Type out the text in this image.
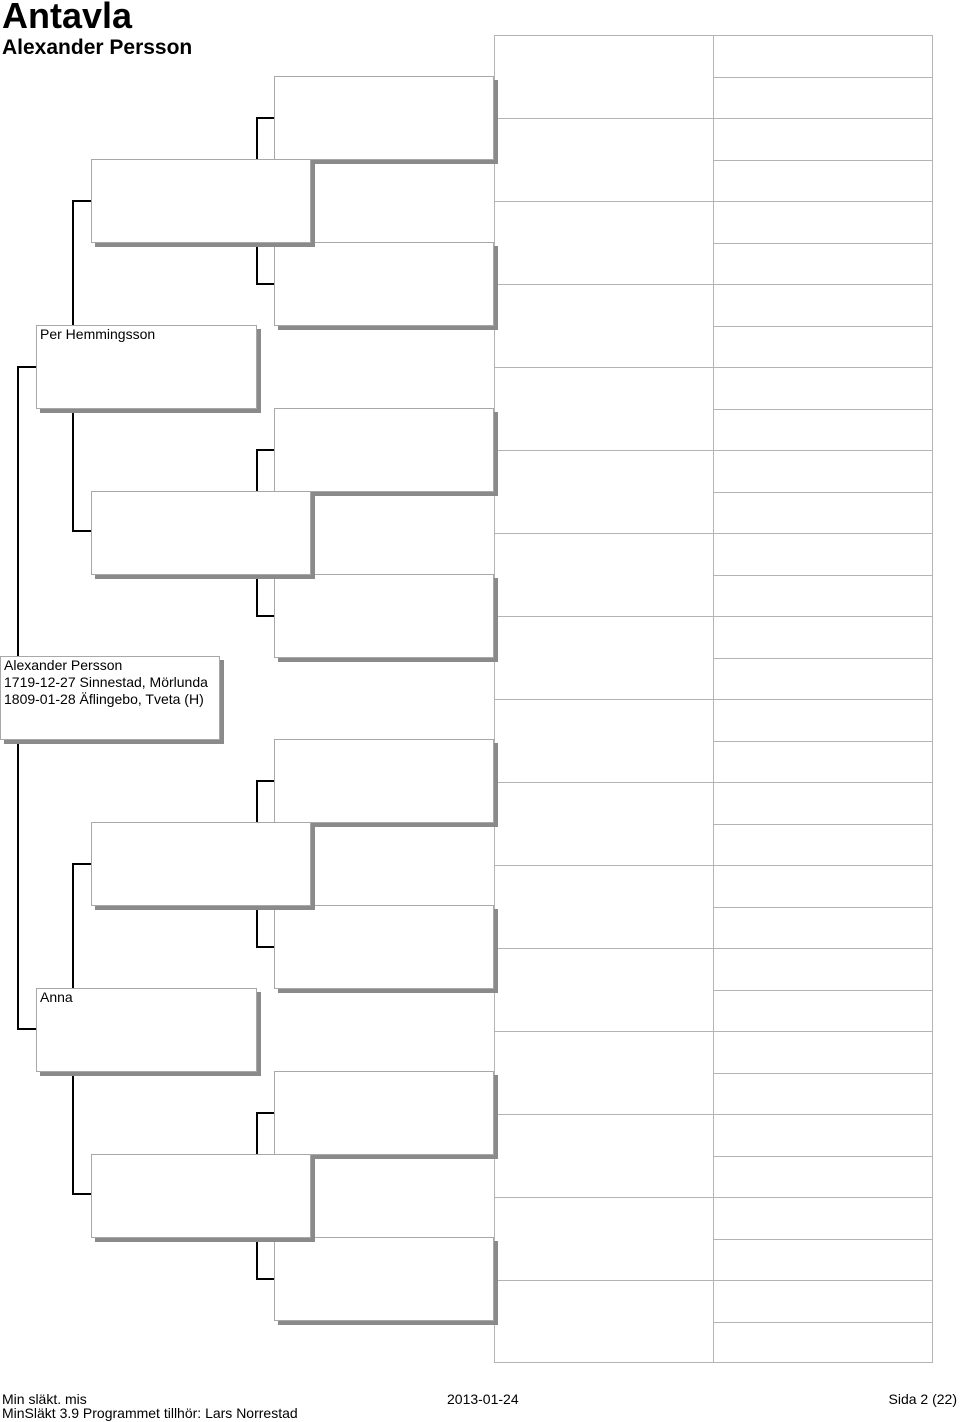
Antavla
Alexander Persson
Per Hemmingsson
Anna
Alexander Persson
1719-12-27 Sinnestad, Mörlunda
1809-01-28 Äflingebo, Tveta (H)
Min släkt. mis	2013-01-24	Sida 2 (22)
MinSläkt 3.9 Programmet tillhör: Lars Norrestad
